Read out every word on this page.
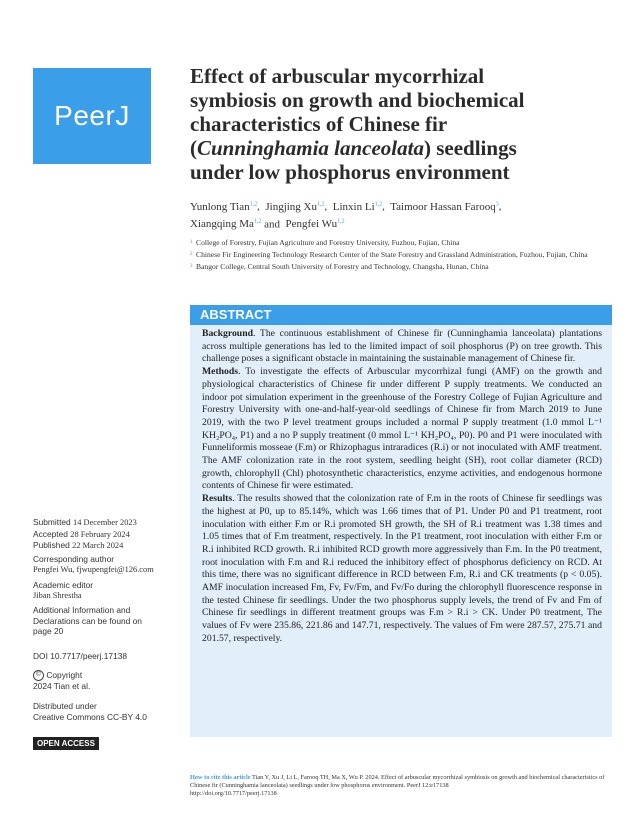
PeerJ
Effect of arbuscular mycorrhizal
symbiosis on growth and biochemical
characteristics of Chinese fir
(Cunninghamia lanceolata) seedlings
under low phosphorus environment
Yunlong Tian$^{1,2}$,  Jingjing Xu$^{1,2}$,  Linxin Li$^{1,2}$,  Taimoor Hassan Farooq$^3$,
Xiangqing Ma$^{1,2}$ and  Pengfei Wu$^{1,2}$

1 College of Forestry, Fujian Agriculture and Forestry University, Fuzhou, Fujian, China

2 Chinese Fir Engineering Technology Research Center of the State Forestry and Grassland Administration, Fuzhou, Fujian, China

3 Bangor College, Central South University of Forestry and Technology, Changsha, Hunan, China

ABSTRACT

Background. The continuous establishment of Chinese fir (Cunninghamia lanceolata) plantations across multiple generations has led to the limited impact of soil phosphorus (P) on tree growth. This challenge poses a significant obstacle in maintaining the sustainable management of Chinese fir.

Methods. To investigate the effects of Arbuscular mycorrhizal fungi (AMF) on the growth and physiological characteristics of Chinese fir under different P supply treatments. We conducted an indoor pot simulation experiment in the greenhouse of the Forestry College of Fujian Agriculture and Forestry University with one-and-half-year-old seedlings of Chinese fir from March 2019 to June 2019, with the two P level treatment groups included a normal P supply treatment (1.0 mmol L⁻¹ KH₂PO₄, P1) and a no P supply treatment (0 mmol L⁻¹ KH₂PO₄, P0). P0 and P1 were inoculated with Funneliformis mosseae (F.m) or Rhizophagus intraradices (R.i) or not inoculated with AMF treatment. The AMF colonization rate in the root system, seedling height (SH), root collar diameter (RCD) growth, chlorophyll (Chl) photosynthetic characteristics, enzyme activities, and endogenous hormone contents of Chinese fir were estimated.

Results. The results showed that the colonization rate of F.m in the roots of Chinese fir seedlings was the highest at P0, up to 85.14%, which was 1.66 times that of P1. Under P0 and P1 treatment, root inoculation with either F.m or R.i promoted SH growth, the SH of R.i treatment was 1.38 times and 1.05 times that of F.m treatment, respectively. In the P1 treatment, root inoculation with either F.m or R.i inhibited RCD growth. R.i inhibited RCD growth more aggressively than F.m. In the P0 treatment, root inoculation with F.m and R.i reduced the inhibitory effect of phosphorus deficiency on RCD. At this time, there was no significant difference in RCD between F.m, R.i and CK treatments (p < 0.05). AMF inoculation increased Fm, Fv, Fv/Fm, and Fv/Fo during the chlorophyll fluorescence response in the tested Chinese fir seedlings. Under the two phosphorus supply levels, the trend of Fv and Fm of Chinese fir seedlings in different treatment groups was F.m > R.i > CK. Under P0 treatment, The values of Fv were 235.86, 221.86 and 147.71, respectively. The values of Fm were 287.57, 275.71 and 201.57, respectively.

Submitted 14 December 2023
Accepted 28 February 2024
Published 22 March 2024
Corresponding author
Pengfei Wu, fjwupengfei@126.com
Academic editor
Jiban Shrestha
Additional Information and Declarations can be found on page 20
DOI 10.7717/peerj.17138
© Copyright
2024 Tian et al.
Distributed under
Creative Commons CC-BY 4.0
OPEN ACCESS
How to cite this article Tian Y, Xu J, Li L, Farooq TH, Ma X, Wu P. 2024. Effect of arbuscular mycorrhizal symbiosis on growth and biochemical characteristics of Chinese fir (Cunninghamia lanceolata) seedlings under low phosphorus environment. PeerJ 12:e17138
http://doi.org/10.7717/peerj.17138
